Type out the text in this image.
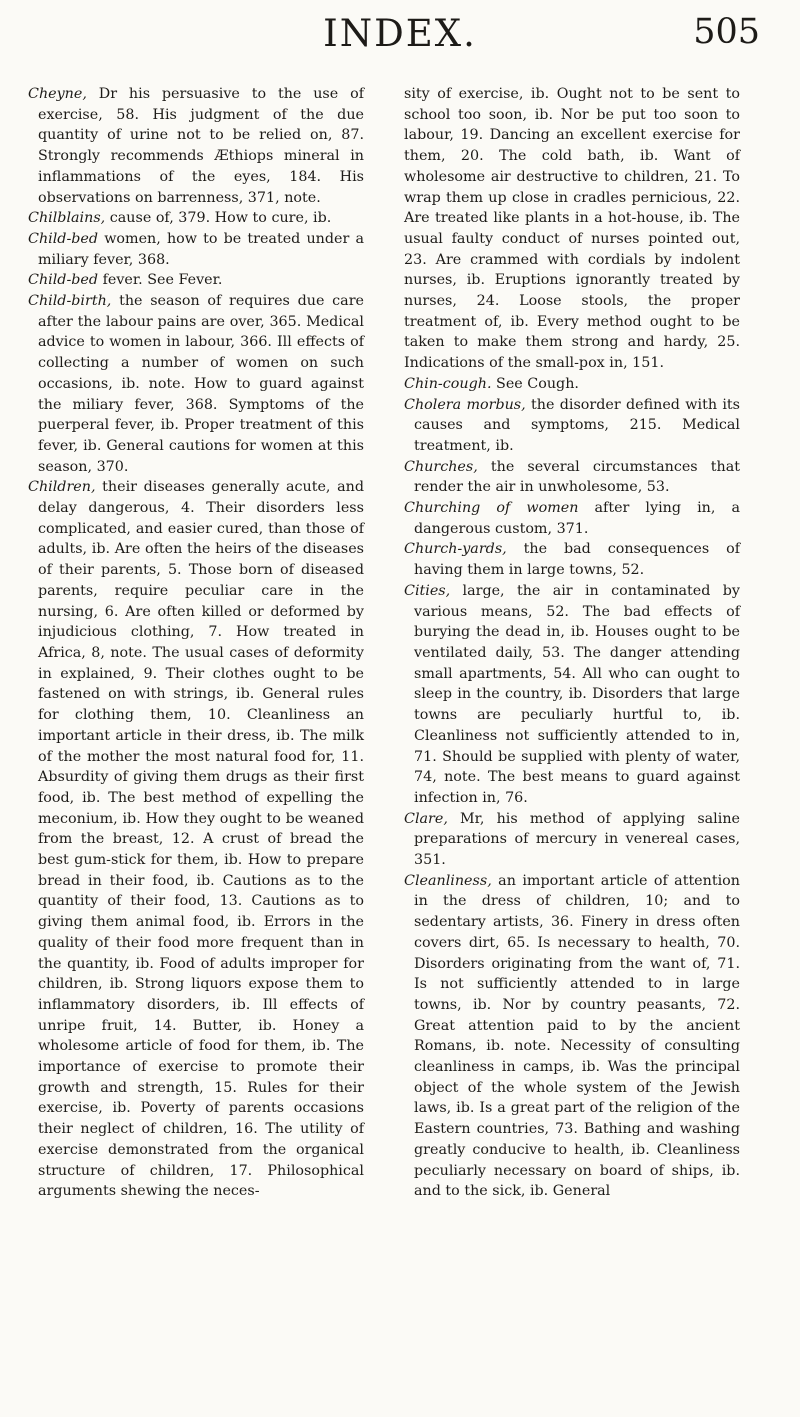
INDEX.	505

Cheyne, Dr his persuasive to the use of exercise, 58. His judgment of the due quantity of urine not to be relied on, 87. Strongly recommends Æthiops mineral in inflammations of the eyes, 184. His observations on barrenness, 371, note.

Chilblains, cause of, 379. How to cure, ib.

Child-bed women, how to be treated under a miliary fever, 368.

Child-bed fever. See Fever.

Child-birth, the season of requires due care after the labour pains are over, 365. Medical advice to women in labour, 366. Ill effects of collecting a number of women on such occasions, ib. note. How to guard against the miliary fever, 368. Symptoms of the puerperal fever, ib. Proper treatment of this fever, ib. General cautions for women at this season, 370.

Children, their diseases generally acute, and delay dangerous, 4. Their disorders less complicated, and easier cured, than those of adults, ib. Are often the heirs of the diseases of their parents, 5. Those born of diseased parents, require peculiar care in the nursing, 6. Are often killed or deformed by injudicious clothing, 7. How treated in Africa, 8, note. The usual cases of deformity in explained, 9. Their clothes ought to be fastened on with strings, ib. General rules for clothing them, 10. Cleanliness an important article in their dress, ib. The milk of the mother the most natural food for, 11. Absurdity of giving them drugs as their first food, ib. The best method of expelling the meconium, ib. How they ought to be weaned from the breast, 12. A crust of bread the best gum-stick for them, ib. How to prepare bread in their food, ib. Cautions as to the quantity of their food, 13. Cautions as to giving them animal food, ib. Errors in the quality of their food more frequent than in the quantity, ib. Food of adults improper for children, ib. Strong liquors expose them to inflammatory disorders, ib. Ill effects of unripe fruit, 14. Butter, ib. Honey a wholesome article of food for them, ib. The importance of exercise to promote their growth and strength, 15. Rules for their exercise, ib. Poverty of parents occasions their neglect of children, 16. The utility of exercise demonstrated from the organical structure of children, 17. Philosophical arguments shewing the neces-

sity of exercise, ib. Ought not to be sent to school too soon, ib. Nor be put too soon to labour, 19. Dancing an excellent exercise for them, 20. The cold bath, ib. Want of wholesome air destructive to children, 21. To wrap them up close in cradles pernicious, 22. Are treated like plants in a hot-house, ib. The usual faulty conduct of nurses pointed out, 23. Are crammed with cordials by indolent nurses, ib. Eruptions ignorantly treated by nurses, 24. Loose stools, the proper treatment of, ib. Every method ought to be taken to make them strong and hardy, 25. Indications of the small-pox in, 151.

Chin-cough. See Cough.

Cholera morbus, the disorder defined with its causes and symptoms, 215. Medical treatment, ib.

Churches, the several circumstances that render the air in unwholesome, 53.

Churching of women after lying in, a dangerous custom, 371.

Church-yards, the bad consequences of having them in large towns, 52.

Cities, large, the air in contaminated by various means, 52. The bad effects of burying the dead in, ib. Houses ought to be ventilated daily, 53. The danger attending small apartments, 54. All who can ought to sleep in the country, ib. Disorders that large towns are peculiarly hurtful to, ib. Cleanliness not sufficiently attended to in, 71. Should be supplied with plenty of water, 74, note. The best means to guard against infection in, 76.

Clare, Mr, his method of applying saline preparations of mercury in venereal cases, 351.

Cleanliness, an important article of attention in the dress of children, 10; and to sedentary artists, 36. Finery in dress often covers dirt, 65. Is necessary to health, 70. Disorders originating from the want of, 71. Is not sufficiently attended to in large towns, ib. Nor by country peasants, 72. Great attention paid to by the ancient Romans, ib. note. Necessity of consulting cleanliness in camps, ib. Was the principal object of the whole system of the Jewish laws, ib. Is a great part of the religion of the Eastern countries, 73. Bathing and washing greatly conducive to health, ib. Cleanliness peculiarly necessary on board of ships, ib. and to the sick, ib. General
